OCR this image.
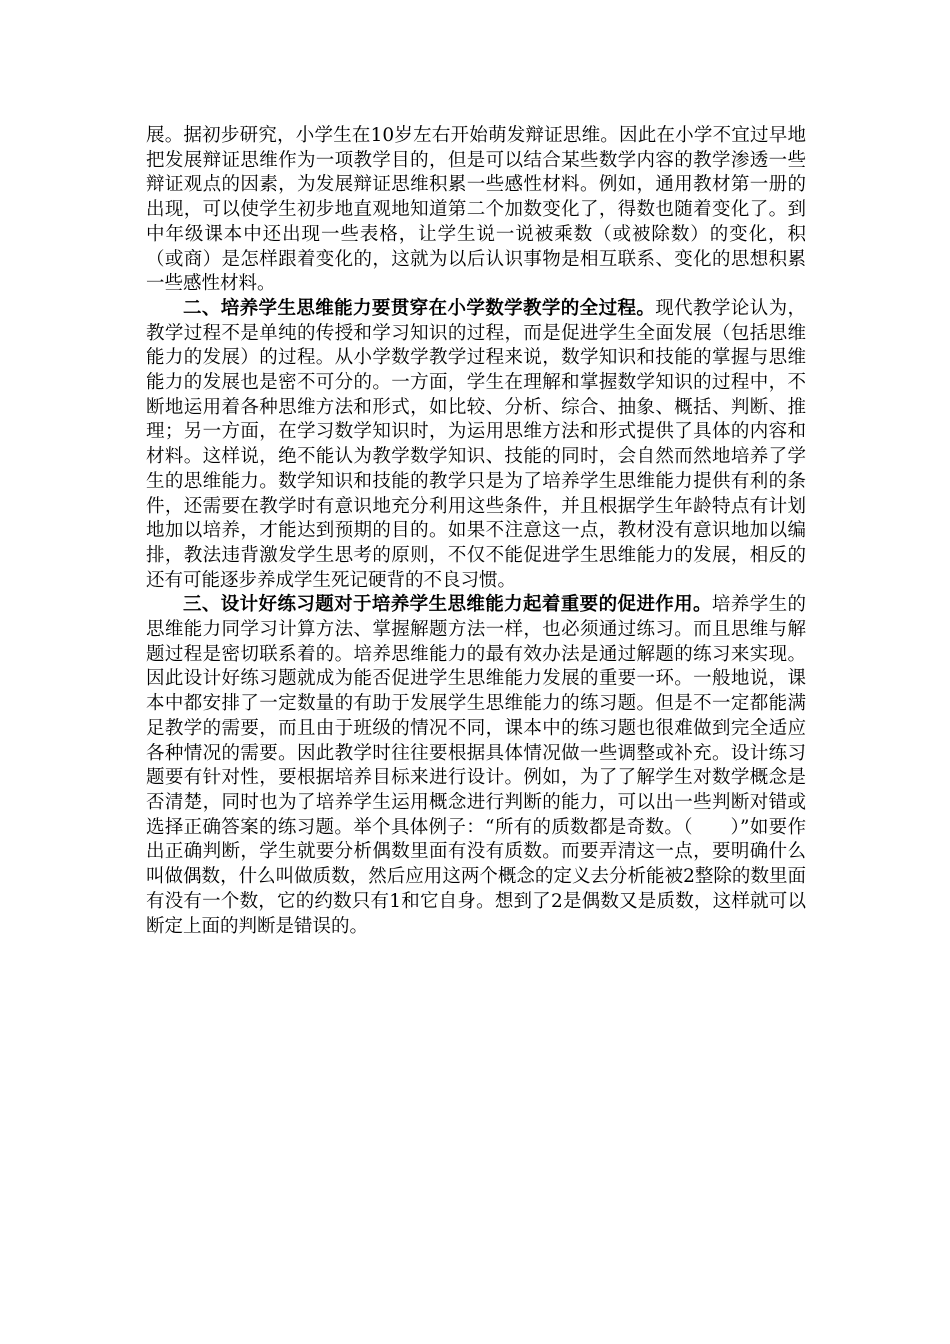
展。据初步研究，小学生在10岁左右开始萌发辩证思维。因此在小学不宜过早地把发展辩证思维作为一项教学目的，但是可以结合某些数学内容的教学渗透一些辩证观点的因素，为发展辩证思维积累一些感性材料。例如，通用教材第一册的出现，可以使学生初步地直观地知道第二个加数变化了，得数也随着变化了。到中年级课本中还出现一些表格，让学生说一说被乘数（或被除数）的变化，积（或商）是怎样跟着变化的，这就为以后认识事物是相互联系、变化的思想积累一些感性材料。

二、培养学生思维能力要贯穿在小学数学教学的全过程。现代教学论认为，教学过程不是单纯的传授和学习知识的过程，而是促进学生全面发展（包括思维能力的发展）的过程。从小学数学教学过程来说，数学知识和技能的掌握与思维能力的发展也是密不可分的。一方面，学生在理解和掌握数学知识的过程中，不断地运用着各种思维方法和形式，如比较、分析、综合、抽象、概括、判断、推理；另一方面，在学习数学知识时，为运用思维方法和形式提供了具体的内容和材料。这样说，绝不能认为教学数学知识、技能的同时，会自然而然地培养了学生的思维能力。数学知识和技能的教学只是为了培养学生思维能力提供有利的条件，还需要在教学时有意识地充分利用这些条件，并且根据学生年龄特点有计划地加以培养，才能达到预期的目的。如果不注意这一点，教材没有意识地加以编排，教法违背激发学生思考的原则，不仅不能促进学生思维能力的发展，相反的还有可能逐步养成学生死记硬背的不良习惯。

三、设计好练习题对于培养学生思维能力起着重要的促进作用。培养学生的思维能力同学习计算方法、掌握解题方法一样，也必须通过练习。而且思维与解题过程是密切联系着的。培养思维能力的最有效办法是通过解题的练习来实现。因此设计好练习题就成为能否促进学生思维能力发展的重要一环。一般地说，课本中都安排了一定数量的有助于发展学生思维能力的练习题。但是不一定都能满足教学的需要，而且由于班级的情况不同，课本中的练习题也很难做到完全适应各种情况的需要。因此教学时往往要根据具体情况做一些调整或补充。设计练习题要有针对性，要根据培养目标来进行设计。例如，为了了解学生对数学概念是否清楚，同时也为了培养学生运用概念进行判断的能力，可以出一些判断对错或选择正确答案的练习题。举个具体例子：“所有的质数都是奇数。（　　）”如要作出正确判断，学生就要分析偶数里面有没有质数。而要弄清这一点，要明确什么叫做偶数，什么叫做质数，然后应用这两个概念的定义去分析能被2整除的数里面有没有一个数，它的约数只有1和它自身。想到了2是偶数又是质数，这样就可以断定上面的判断是错误的。
